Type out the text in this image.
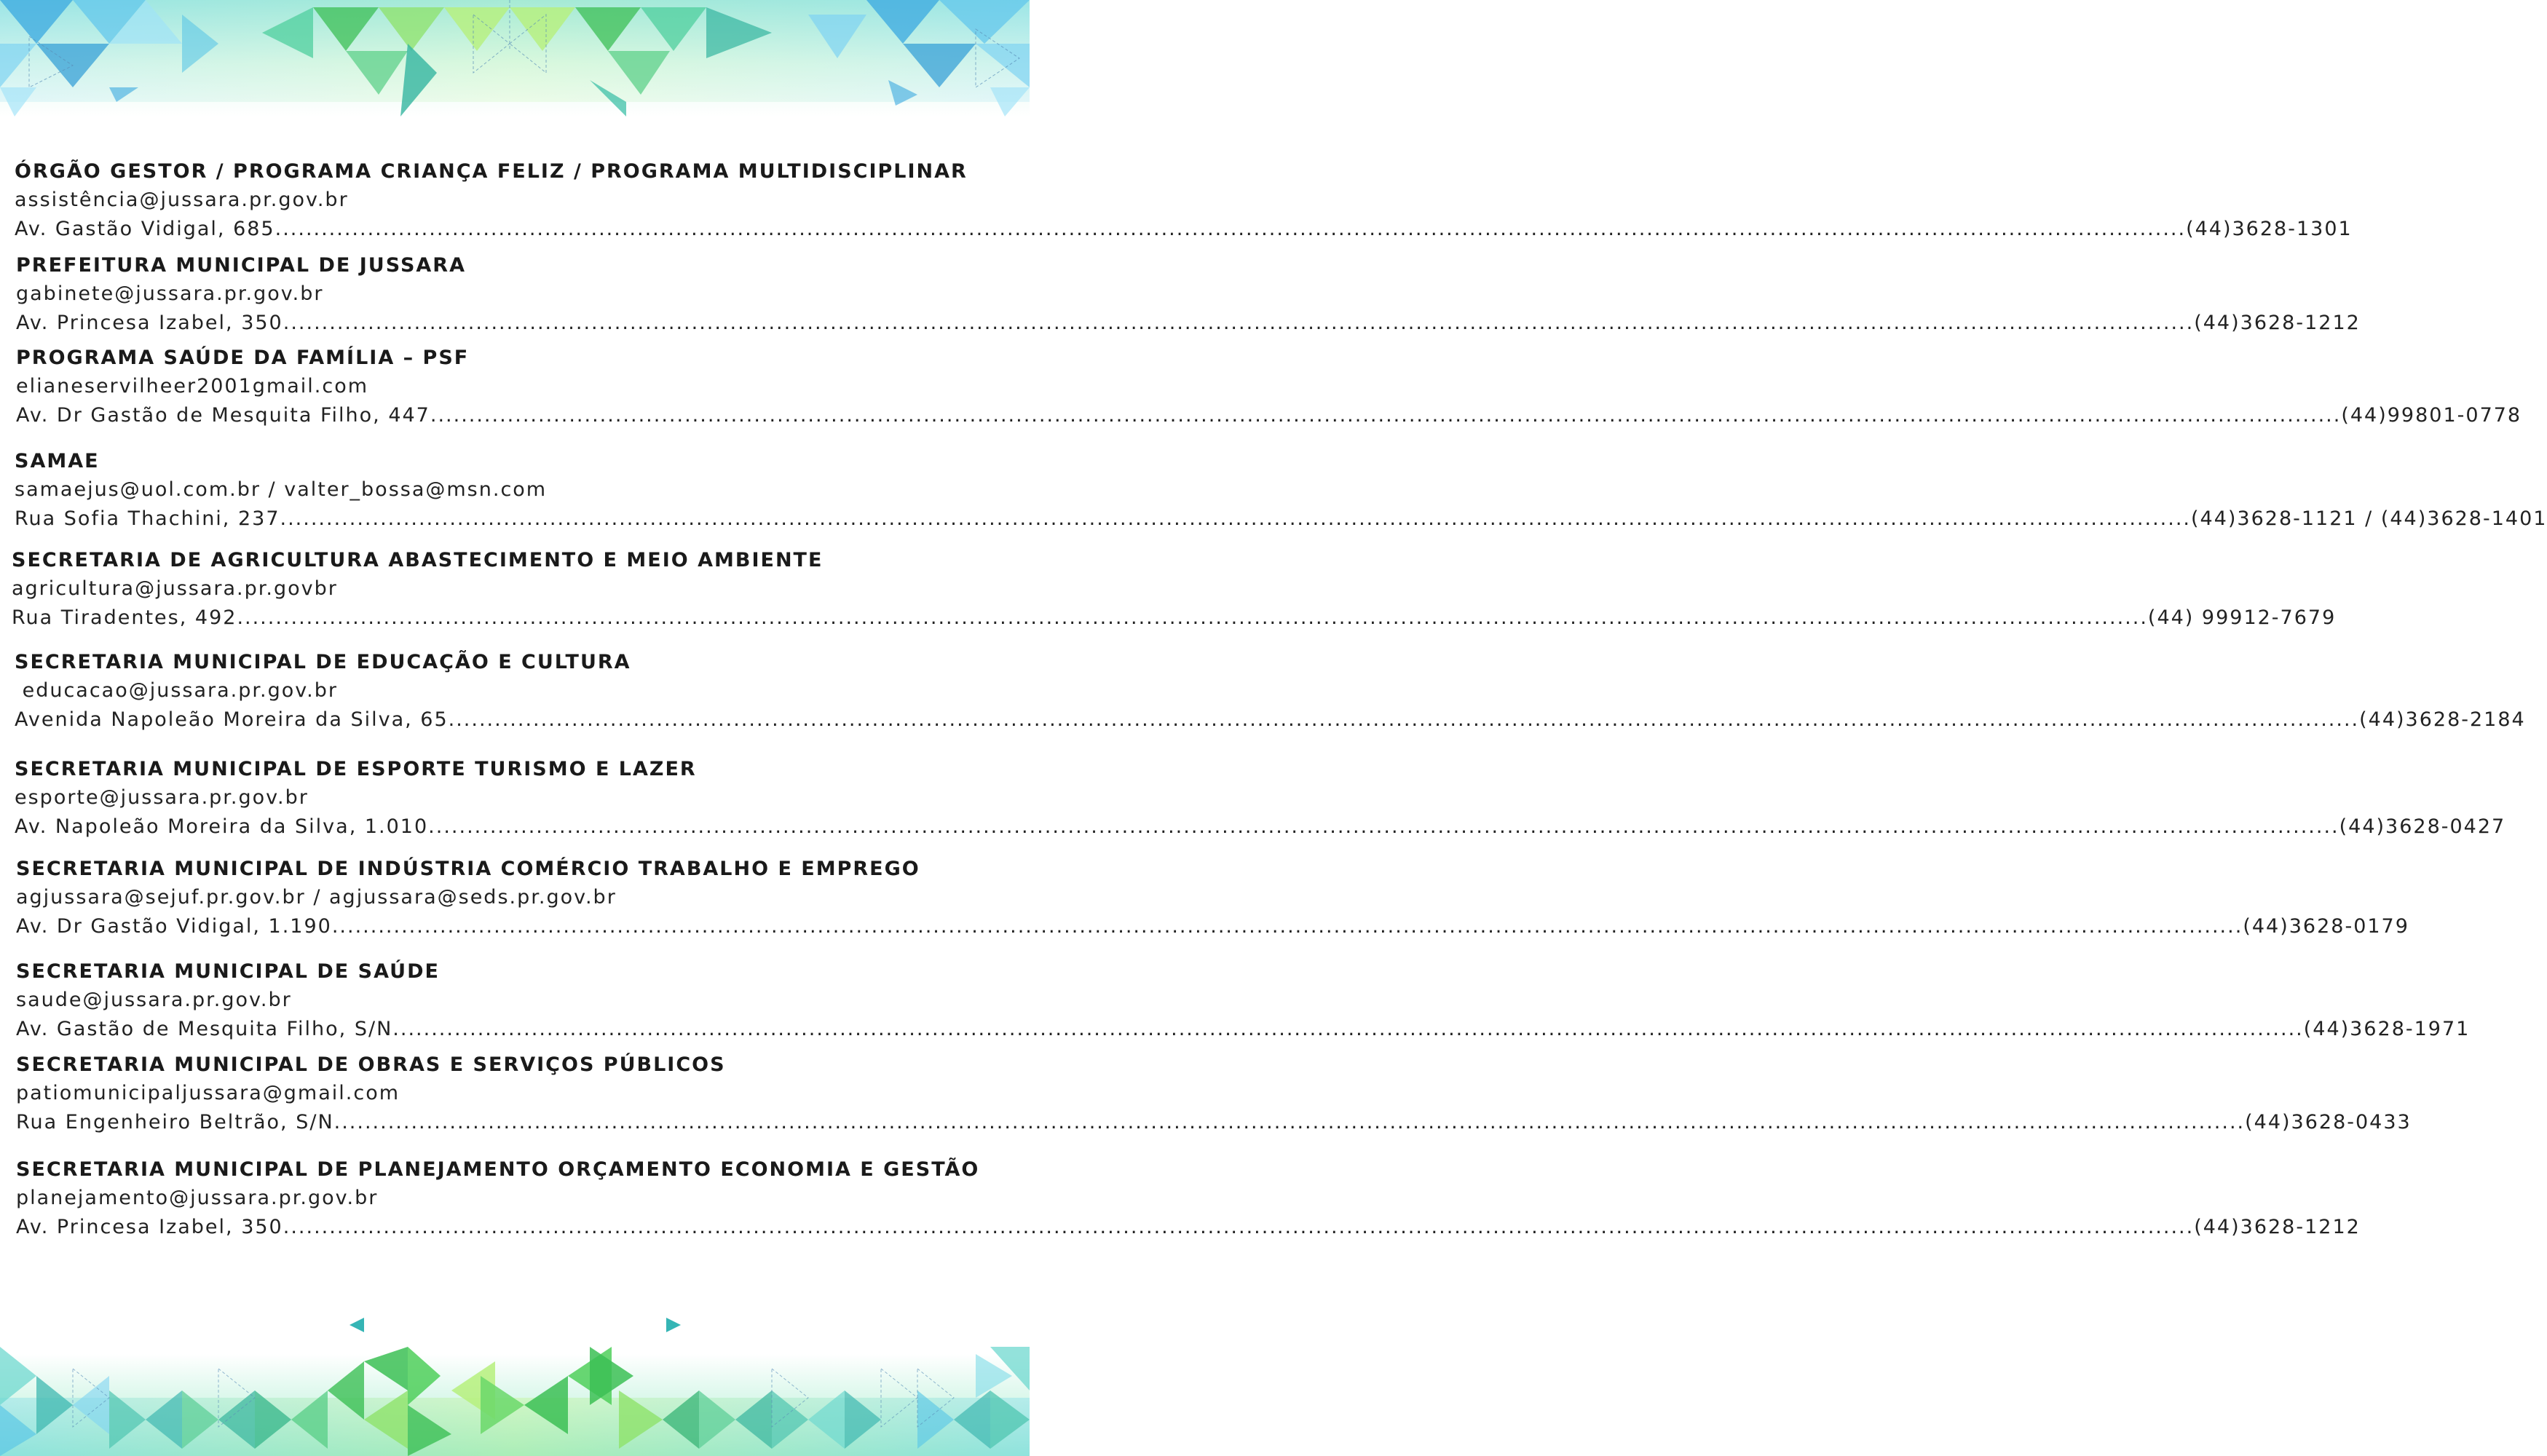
ÓRGÃO GESTOR / PROGRAMA CRIANÇA FELIZ / PROGRAMA MULTIDISCIPLINAR
assistência@jussara.pr.gov.br
Av. Gastão Vidigal, 685 ........................................................................................................................................................................................................................................................ (44)3628-1301
PREFEITURA MUNICIPAL DE JUSSARA
gabinete@jussara.pr.gov.br
Av. Princesa Izabel, 350 ........................................................................................................................................................................................................................................................ (44)3628-1212
PROGRAMA SAÚDE DA FAMÍLIA – PSF
elianeservilheer2001gmail.com
Av. Dr Gastão de Mesquita Filho, 447 ........................................................................................................................................................................................................................................................ (44)99801-0778
SAMAE
samaejus@uol.com.br / valter_bossa@msn.com
Rua Sofia Thachini, 237 ........................................................................................................................................................................................................................................................ (44)3628-1121 / (44)3628-1401
SECRETARIA DE AGRICULTURA ABASTECIMENTO E MEIO AMBIENTE
agricultura@jussara.pr.govbr
Rua Tiradentes, 492 ........................................................................................................................................................................................................................................................ (44) 99912-7679
SECRETARIA MUNICIPAL DE EDUCAÇÃO E CULTURA
educacao@jussara.pr.gov.br
Avenida Napoleão Moreira da Silva, 65 ........................................................................................................................................................................................................................................................ (44)3628-2184
SECRETARIA MUNICIPAL DE ESPORTE TURISMO E LAZER
esporte@jussara.pr.gov.br
Av. Napoleão Moreira da Silva, 1.010 ........................................................................................................................................................................................................................................................ (44)3628-0427
SECRETARIA MUNICIPAL DE INDÚSTRIA COMÉRCIO TRABALHO E EMPREGO
agjussara@sejuf.pr.gov.br / agjussara@seds.pr.gov.br
Av. Dr Gastão Vidigal, 1.190 ........................................................................................................................................................................................................................................................ (44)3628-0179
SECRETARIA MUNICIPAL DE SAÚDE
saude@jussara.pr.gov.br
Av. Gastão de Mesquita Filho, S/N ........................................................................................................................................................................................................................................................ (44)3628-1971
SECRETARIA MUNICIPAL DE OBRAS E SERVIÇOS PÚBLICOS
patiomunicipaljussara@gmail.com
Rua Engenheiro Beltrão, S/N ........................................................................................................................................................................................................................................................ (44)3628-0433
SECRETARIA MUNICIPAL DE PLANEJAMENTO ORÇAMENTO ECONOMIA E GESTÃO
planejamento@jussara.pr.gov.br
Av. Princesa Izabel, 350 ........................................................................................................................................................................................................................................................ (44)3628-1212
